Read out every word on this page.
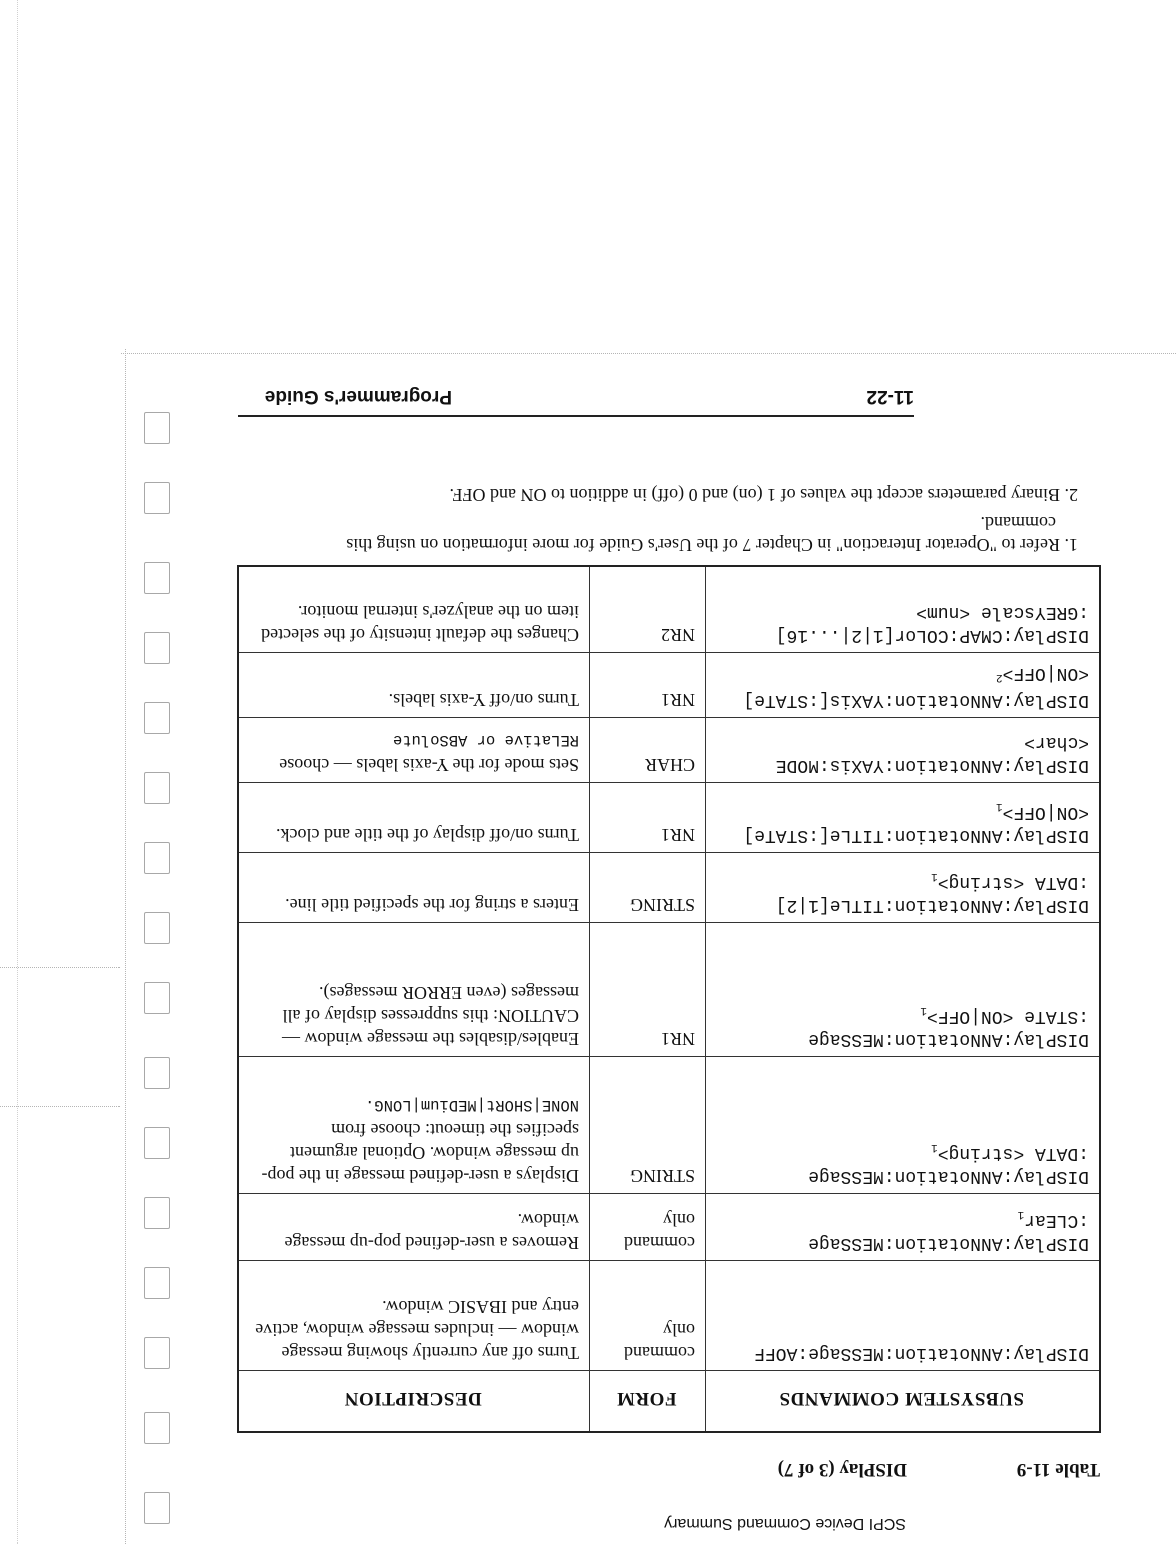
SCPI Device Command Summary
Table 11-9
DISPlay (3 of 7)
SUBSYSTEM COMMANDS	FORM	DESCRIPTION

DISPlay:ANNotation:MESSage:AOFF	command only	Turns off any currently showing message window — includes message window, active entry and IBASIC window.

DISPlay:ANNotation:MESSage
:CLEar$_1$	command only	Removes a user-defined pop-up message window.

DISPlay:ANNotation:MESSage
:DATA $<string>_1$	STRING	Displays a user-defined message in the pop-up message window. Optional argument specifies the timeout: choose from NONE|SHORt|MEDium|LONG.

DISPlay:ANNotation:MESSage
:STATe $<ON|OFF>_1$	NR1	Enables/disables the message window — CAUTION: this suppresses display of all messages (even ERROR messages).

DISPlay:ANNotation:TITLe[1|2]
:DATA $<string>_1$	STRING	Enters a string for the specified title line.

DISPlay:ANNotation:TITLe[:STATe]
$<ON|OFF>_1$	NR1	Turns on/off display of the title and clock.

DISPlay:ANNotation:YAXis:MODE
<char>	CHAR	Sets mode for the Y-axis labels — choose RELative or ABSolute

DISPlay:ANNotation:YAXis[:STATe]
<ON|OFF>$^2$	NR1	Turns on/off Y-axis labels.

DISPlay:CMAP:COLor[1|2|...16]
:GREYscale <num>	NR2	Changes the default intensity of the selected item on the analyzer's internal monitor.

1. Refer to "Operator Interaction" in Chapter 7 of the User's Guide for more information on using this command.

2. Binary parameters accept the values of 1 (on) and 0 (off) in addition to ON and OFF.

11-22
Programmer's Guide
